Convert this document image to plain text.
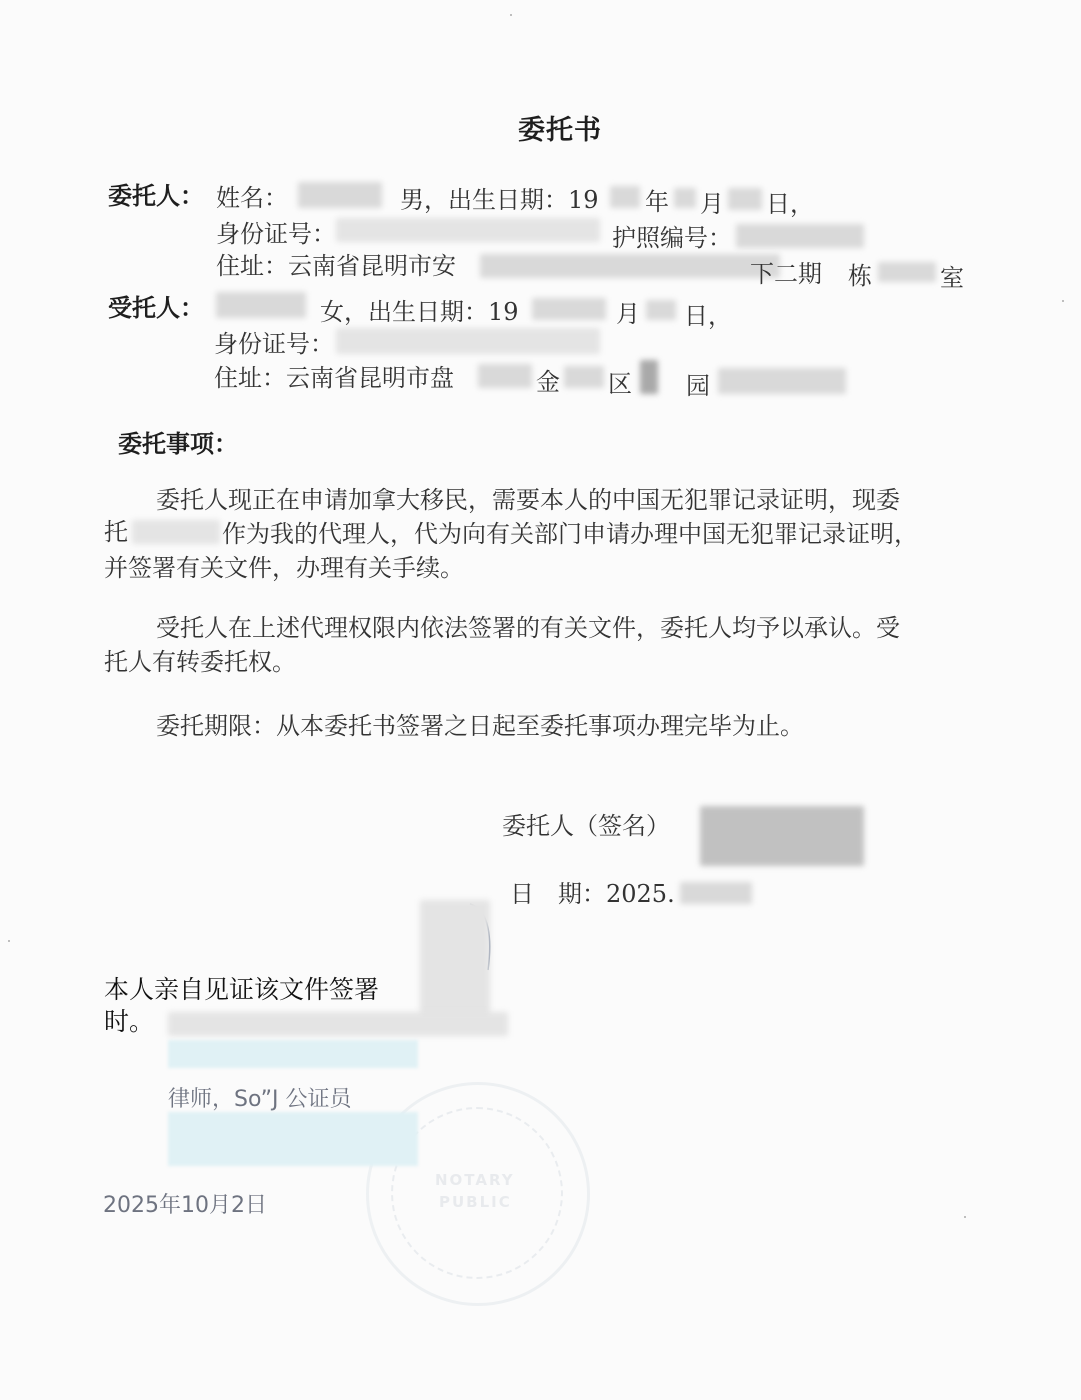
委托书
委托人： 姓名：	男，出生日期：19 年 月 日，
身份证号：	护照编号：
住址：云南省昆明市安	下二期 栋	室
受托人：	女，出生日期：19	月 日，
身份证号：
住址：云南省昆明市盘	金 区 园
委托事项：
委托人现正在申请加拿大移民，需要本人的中国无犯罪记录证明，现委
托	作为我的代理人，代为向有关部门申请办理中国无犯罪记录证明，
并签署有关文件，办理有关手续。
受托人在上述代理权限内依法签署的有关文件，委托人均予以承认。受
托人有转委托权。
委托期限：从本委托书签署之日起至委托事项办理完毕为止。
委托人（签名）
日　期：2025.
NOTARY
PUBLIC
本人亲自见证该文件签署时。
律师，So”J 公证员
2025年10月2日
